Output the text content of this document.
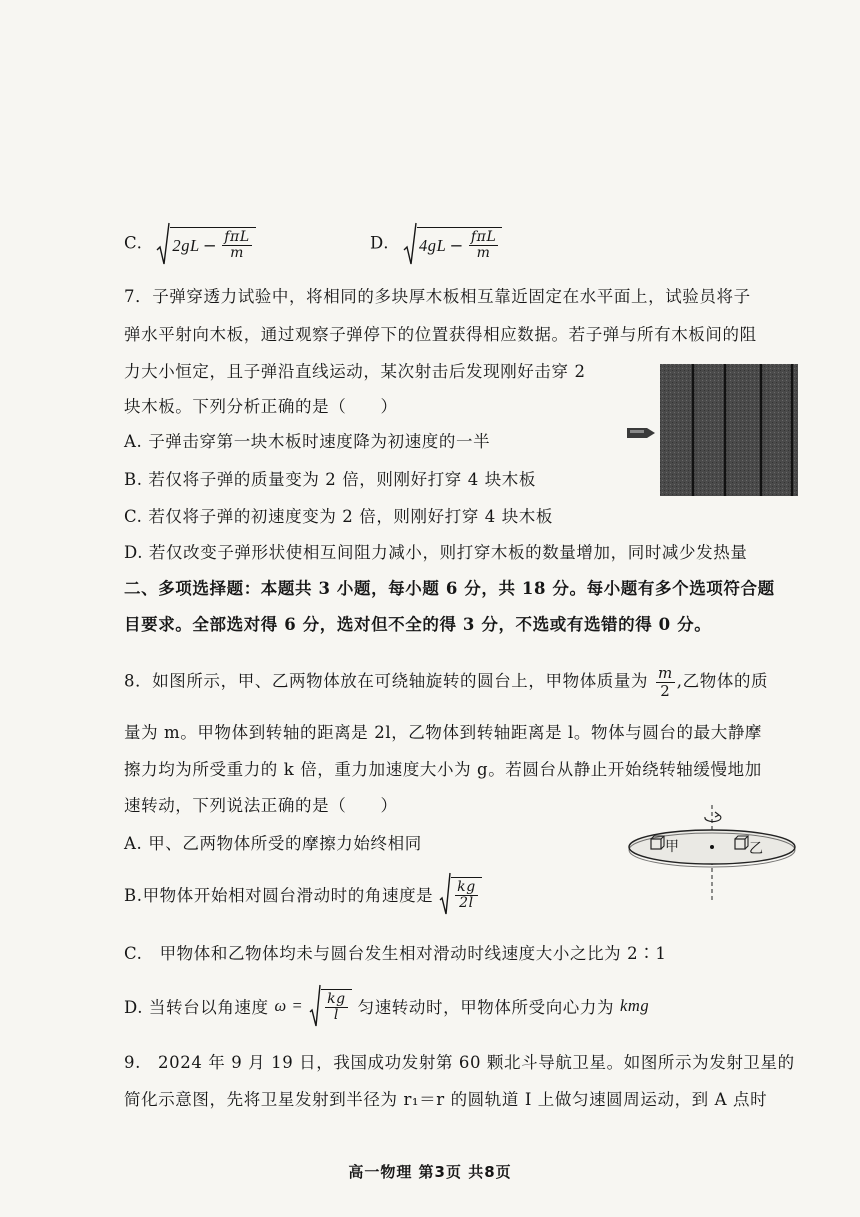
C. $2gL - \frac{\text{fπL}}{m}$	D. $4gL - \frac{\text{fπL}}{m}$
7．子弹穿透力试验中，将相同的多块厚木板相互靠近固定在水平面上，试验员将子
弹水平射向木板，通过观察子弹停下的位置获得相应数据。若子弹与所有木板间的阻
力大小恒定，且子弹沿直线运动，某次射击后发现刚好击穿 2
块木板。下列分析正确的是（　　）
A. 子弹击穿第一块木板时速度降为初速度的一半
B. 若仅将子弹的质量变为 2 倍，则刚好打穿 4 块木板
C. 若仅将子弹的初速度变为 2 倍，则刚好打穿 4 块木板
D. 若仅改变子弹形状使相互间阻力减小，则打穿木板的数量增加，同时减少发热量
二、多项选择题：本题共 3 小题，每小题 6 分，共 18 分。每小题有多个选项符合题
目要求。全部选对得 6 分，选对但不全的得 3 分，不选或有选错的得 0 分。
8．如图所示，甲、乙两物体放在可绕轴旋转的圆台上，甲物体质量为 $\frac{m}{2}$ ,乙物体的质
量为 m。甲物体到转轴的距离是 2l，乙物体到转轴距离是 l。物体与圆台的最大静摩
擦力均为所受重力的 k 倍，重力加速度大小为 g。若圆台从静止开始绕转轴缓慢地加
速转动，下列说法正确的是（　　）
A. 甲、乙两物体所受的摩擦力始终相同
B.甲物体开始相对圆台滑动时的角速度是 $\frac{kg}{2l}$
C.　甲物体和乙物体均未与圆台发生相对滑动时线速度大小之比为 2∶1
D. 当转台以角速度 $\omega = \frac{kg}{l}$ 匀速转动时，甲物体所受向心力为 kmg
甲	乙
9.　2024 年 9 月 19 日，我国成功发射第 60 颗北斗导航卫星。如图所示为发射卫星的
简化示意图，先将卫星发射到半径为 r₁＝r 的圆轨道 I 上做匀速圆周运动，到 A 点时
高一物理 第3页 共8页
